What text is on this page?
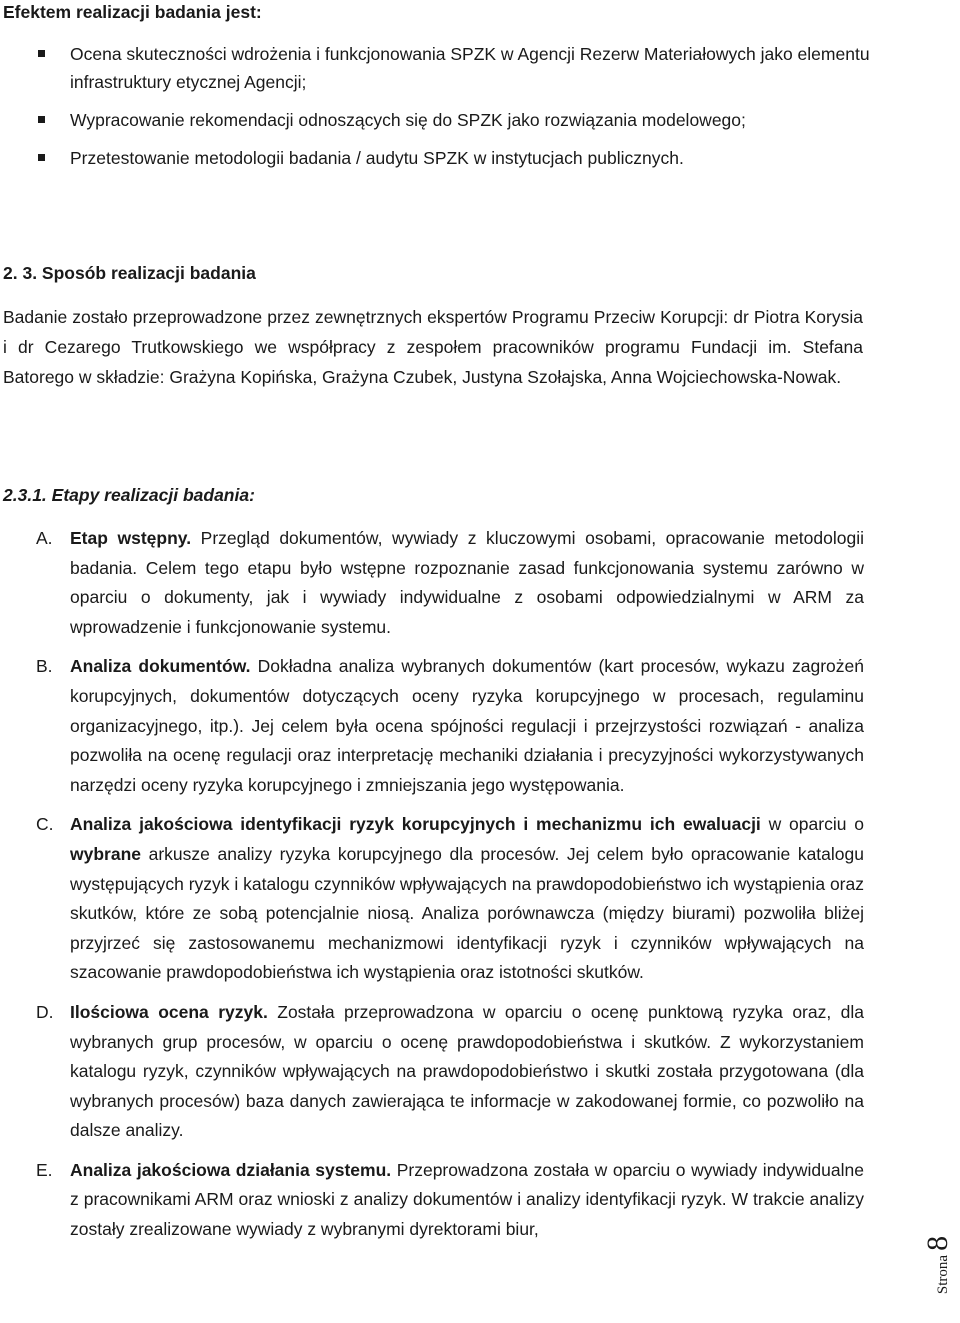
Efektem realizacji badania jest:
Ocena skuteczności wdrożenia i funkcjonowania SPZK w Agencji Rezerw Materiałowych jako elementu infrastruktury etycznej Agencji;
Wypracowanie rekomendacji odnoszących się do SPZK jako rozwiązania modelowego;
Przetestowanie metodologii badania / audytu SPZK w instytucjach publicznych.
2. 3. Sposób realizacji badania
Badanie zostało przeprowadzone przez zewnętrznych ekspertów Programu Przeciw Korupcji: dr Piotra Korysia i dr Cezarego Trutkowskiego we współpracy z zespołem pracowników programu Fundacji im. Stefana Batorego w składzie: Grażyna Kopińska, Grażyna Czubek, Justyna Szołajska, Anna Wojciechowska-Nowak.
2.3.1. Etapy realizacji badania:
A. Etap wstępny. Przegląd dokumentów, wywiady z kluczowymi osobami, opracowanie metodologii badania. Celem tego etapu było wstępne rozpoznanie zasad funkcjonowania systemu zarówno w oparciu o dokumenty, jak i wywiady indywidualne z osobami odpowiedzialnymi w ARM za wprowadzenie i funkcjonowanie systemu.
B. Analiza dokumentów. Dokładna analiza wybranych dokumentów (kart procesów, wykazu zagrożeń korupcyjnych, dokumentów dotyczących oceny ryzyka korupcyjnego w procesach, regulaminu organizacyjnego, itp.). Jej celem była ocena spójności regulacji i przejrzystości rozwiązań - analiza pozwoliła na ocenę regulacji oraz interpretację mechaniki działania i precyzyjności wykorzystywanych narzędzi oceny ryzyka korupcyjnego i zmniejszania jego występowania.
C. Analiza jakościowa identyfikacji ryzyk korupcyjnych i mechanizmu ich ewaluacji w oparciu o wybrane arkusze analizy ryzyka korupcyjnego dla procesów. Jej celem było opracowanie katalogu występujących ryzyk i katalogu czynników wpływających na prawdopodobieństwo ich wystąpienia oraz skutków, które ze sobą potencjalnie niosą. Analiza porównawcza (między biurami) pozwoliła bliżej przyjrzeć się zastosowanemu mechanizmowi identyfikacji ryzyk i czynników wpływających na szacowanie prawdopodobieństwa ich wystąpienia oraz istotności skutków.
D. Ilościowa ocena ryzyk. Została przeprowadzona w oparciu o ocenę punktową ryzyka oraz, dla wybranych grup procesów, w oparciu o ocenę prawdopodobieństwa i skutków. Z wykorzystaniem katalogu ryzyk, czynników wpływających na prawdopodobieństwo i skutki została przygotowana (dla wybranych procesów) baza danych zawierająca te informacje w zakodowanej formie, co pozwoliło na dalsze analizy.
E. Analiza jakościowa działania systemu. Przeprowadzona została w oparciu o wywiady indywidualne z pracownikami ARM oraz wnioski z analizy dokumentów i analizy identyfikacji ryzyk. W trakcie analizy zostały zrealizowane wywiady z wybranymi dyrektorami biur,
Strona 8
